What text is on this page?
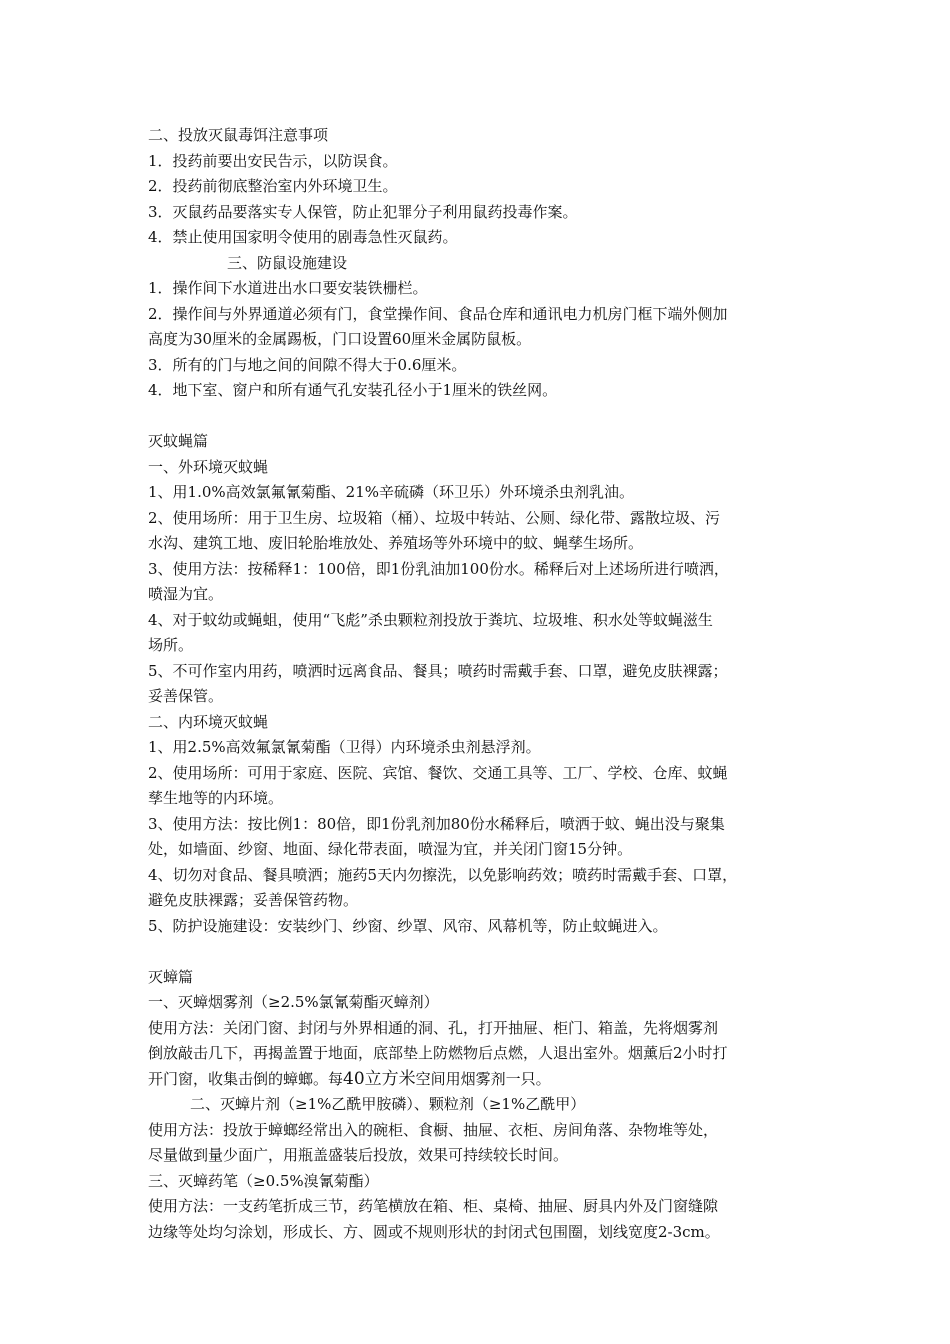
二、投放灭鼠毒饵注意事项
1．投药前要出安民告示，以防误食。
2．投药前彻底整治室内外环境卫生。
3．灭鼠药品要落实专人保管，防止犯罪分子利用鼠药投毒作案。
4．禁止使用国家明令使用的剧毒急性灭鼠药。
三、防鼠设施建设
1．操作间下水道进出水口要安装铁栅栏。
2．操作间与外界通道必须有门，食堂操作间、食品仓库和通讯电力机房门框下端外侧加
高度为30厘米的金属踢板，门口设置60厘米金属防鼠板。
3．所有的门与地之间的间隙不得大于0.6厘米。
4．地下室、窗户和所有通气孔安装孔径小于1厘米的铁丝网。
灭蚊蝇篇
一、外环境灭蚊蝇
1、用1.0%高效氯氟氰菊酯、21%辛硫磷（环卫乐）外环境杀虫剂乳油。
2、使用场所：用于卫生房、垃圾箱（桶）、垃圾中转站、公厕、绿化带、露散垃圾、污
水沟、建筑工地、废旧轮胎堆放处、养殖场等外环境中的蚊、蝇孳生场所。
3、使用方法：按稀释1：100倍，即1份乳油加100份水。稀释后对上述场所进行喷洒，
喷湿为宜。
4、对于蚊幼或蝇蛆，使用“飞彪”杀虫颗粒剂投放于粪坑、垃圾堆、积水处等蚊蝇滋生
场所。
5、不可作室内用药，喷洒时远离食品、餐具；喷药时需戴手套、口罩，避免皮肤裸露；
妥善保管。
二、内环境灭蚊蝇
1、用2.5%高效氟氯氰菊酯（卫得）内环境杀虫剂悬浮剂。
2、使用场所：可用于家庭、医院、宾馆、餐饮、交通工具等、工厂、学校、仓库、蚊蝇
孳生地等的内环境。
3、使用方法：按比例1：80倍，即1份乳剂加80份水稀释后，喷洒于蚊、蝇出没与聚集
处，如墙面、纱窗、地面、绿化带表面，喷湿为宜，并关闭门窗15分钟。
4、切勿对食品、餐具喷洒；施药5天内勿擦洗，以免影响药效；喷药时需戴手套、口罩，
避免皮肤裸露；妥善保管药物。
5、防护设施建设：安装纱门、纱窗、纱罩、风帘、风幕机等，防止蚊蝇进入。
灭蟑篇
一、灭蟑烟雾剂（≥2.5%氯氰菊酯灭蟑剂）
使用方法：关闭门窗、封闭与外界相通的洞、孔，打开抽屉、柜门、箱盖，先将烟雾剂
倒放敲击几下，再揭盖置于地面，底部垫上防燃物后点燃，人退出室外。烟薰后2小时打
开门窗，收集击倒的蟑螂。每40立方米空间用烟雾剂一只。
二、灭蟑片剂（≥1%乙酰甲胺磷）、颗粒剂（≥1%乙酰甲）
使用方法：投放于蟑螂经常出入的碗柜、食橱、抽屉、衣柜、房间角落、杂物堆等处，
尽量做到量少面广，用瓶盖盛装后投放，效果可持续较长时间。
三、灭蟑药笔（≥0.5%溴氰菊酯）
使用方法：一支药笔折成三节，药笔横放在箱、柜、桌椅、抽屉、厨具内外及门窗缝隙
边缘等处均匀涂划，形成长、方、圆或不规则形状的封闭式包围圈，划线宽度2-3cm。
